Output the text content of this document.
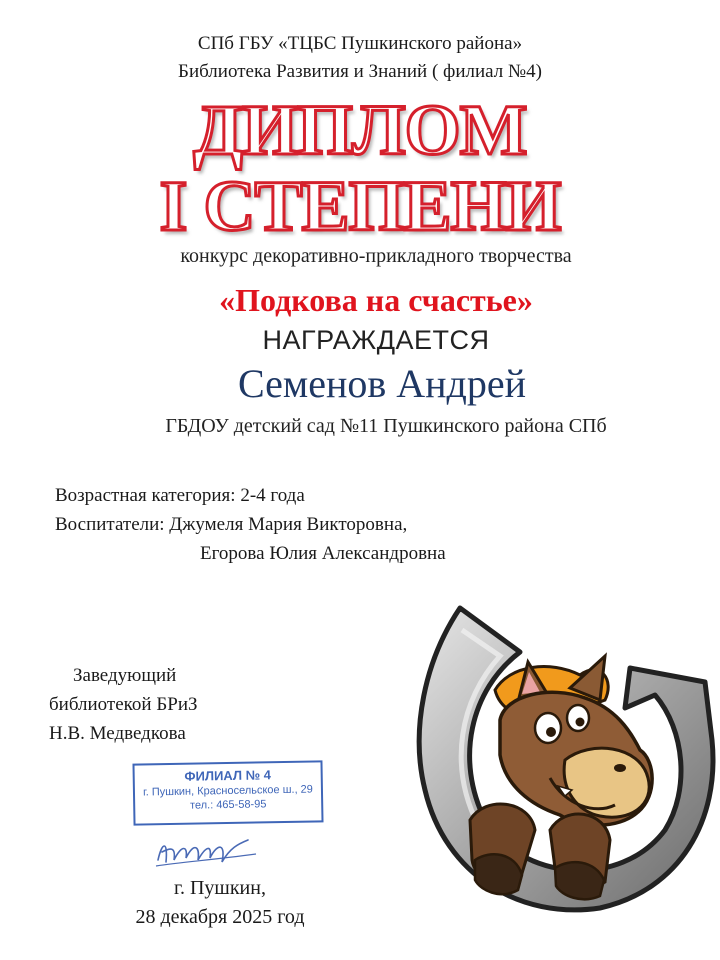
СПб ГБУ «ТЦБС Пушкинского района»
Библиотека Развития и Знаний ( филиал №4)
ДИПЛОМ
I СТЕПЕНИ
конкурс декоративно-прикладного творчества
«Подкова на счастье»
НАГРАЖДАЕТСЯ
Семенов Андрей
ГБДОУ детский сад №11 Пушкинского района СПб
Возрастная категория: 2-4 года
Воспитатели: Джумеля Мария Викторовна,
Егорова Юлия Александровна
Заведующий
библиотекой БРиЗ
Н.В. Медведкова
ФИЛИАЛ № 4
г. Пушкин, Красносельское ш., 29
тел.: 465-58-95
г. Пушкин,
28 декабря 2025 год
